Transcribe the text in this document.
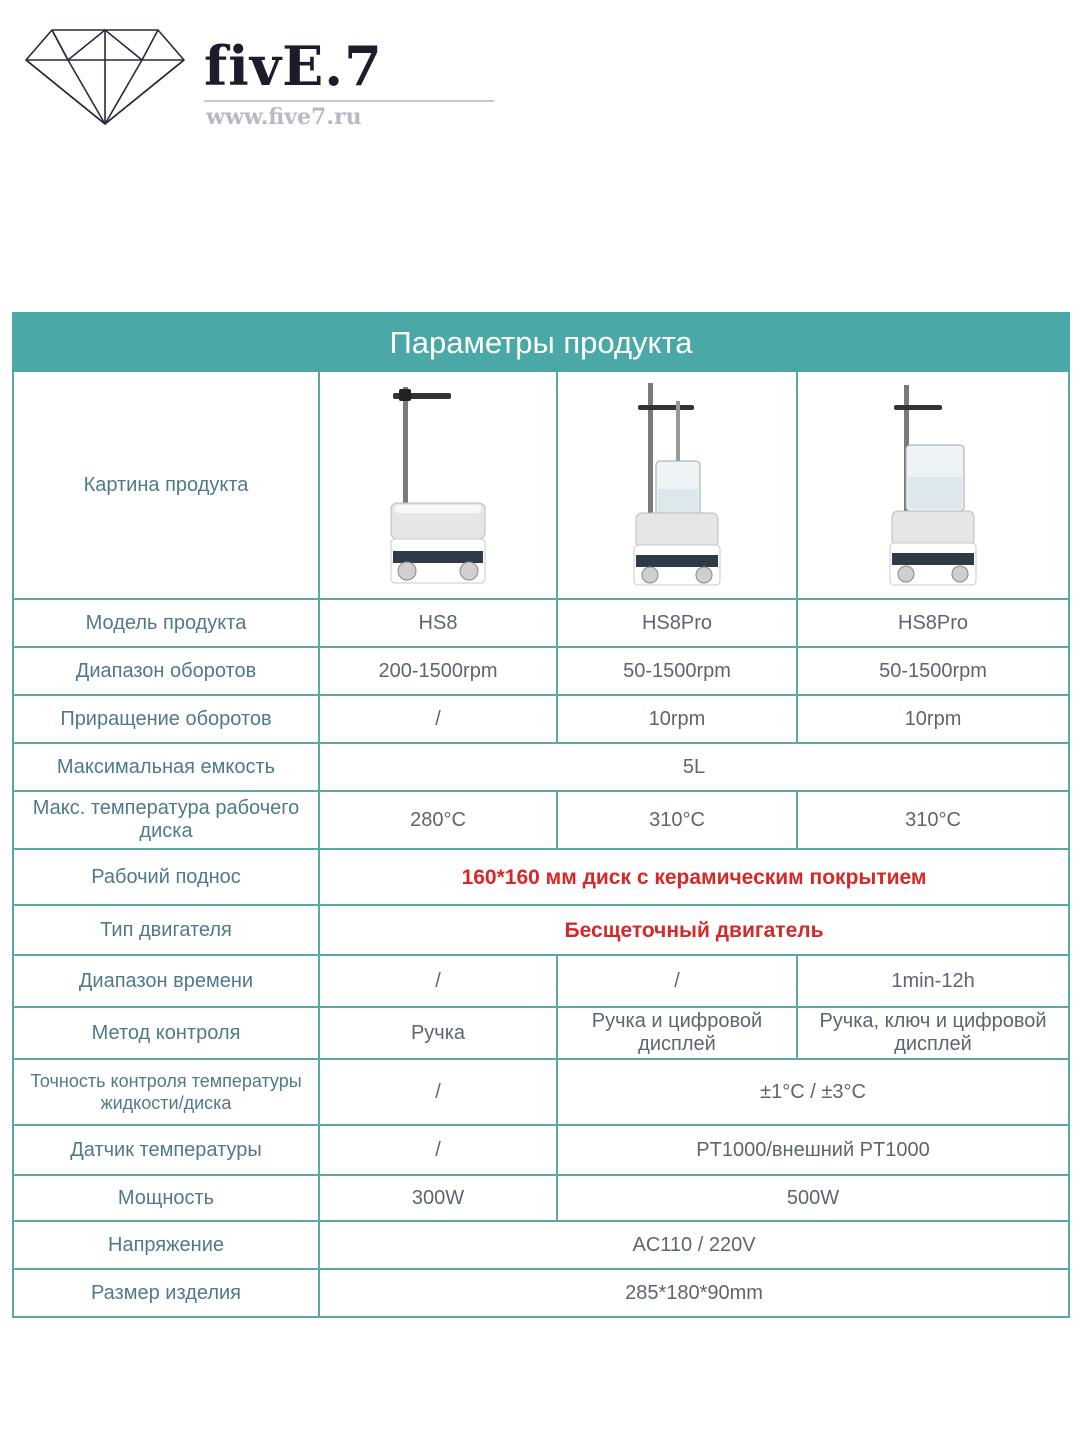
fivE.7
www.five7.ru
Параметры продукта			
Картина продукта	

Модель продукта	HS8	HS8Pro	HS8Pro
Диапазон оборотов	200-1500rpm	50-1500rpm	50-1500rpm
Приращение оборотов	/	10rpm	10rpm
Максимальная емкость	5L		
Макс. температура рабочего диска	280°C	310°C	310°C
Рабочий поднос	160*160 мм диск с керамическим покрытием		
Тип двигателя	Бесщеточный двигатель		
Диапазон времени	/	/	1min-12h
Метод контроля	Ручка	Ручка и цифровой дисплей	Ручка, ключ и цифровой дисплей
Точность контроля температуры жидкости/диска	/	±1°C / ±3°C	
Датчик температуры	/	PT1000/внешний PT1000	
Мощность	300W	500W	
Напряжение	AC110 / 220V		
Размер изделия	285*180*90mm		
